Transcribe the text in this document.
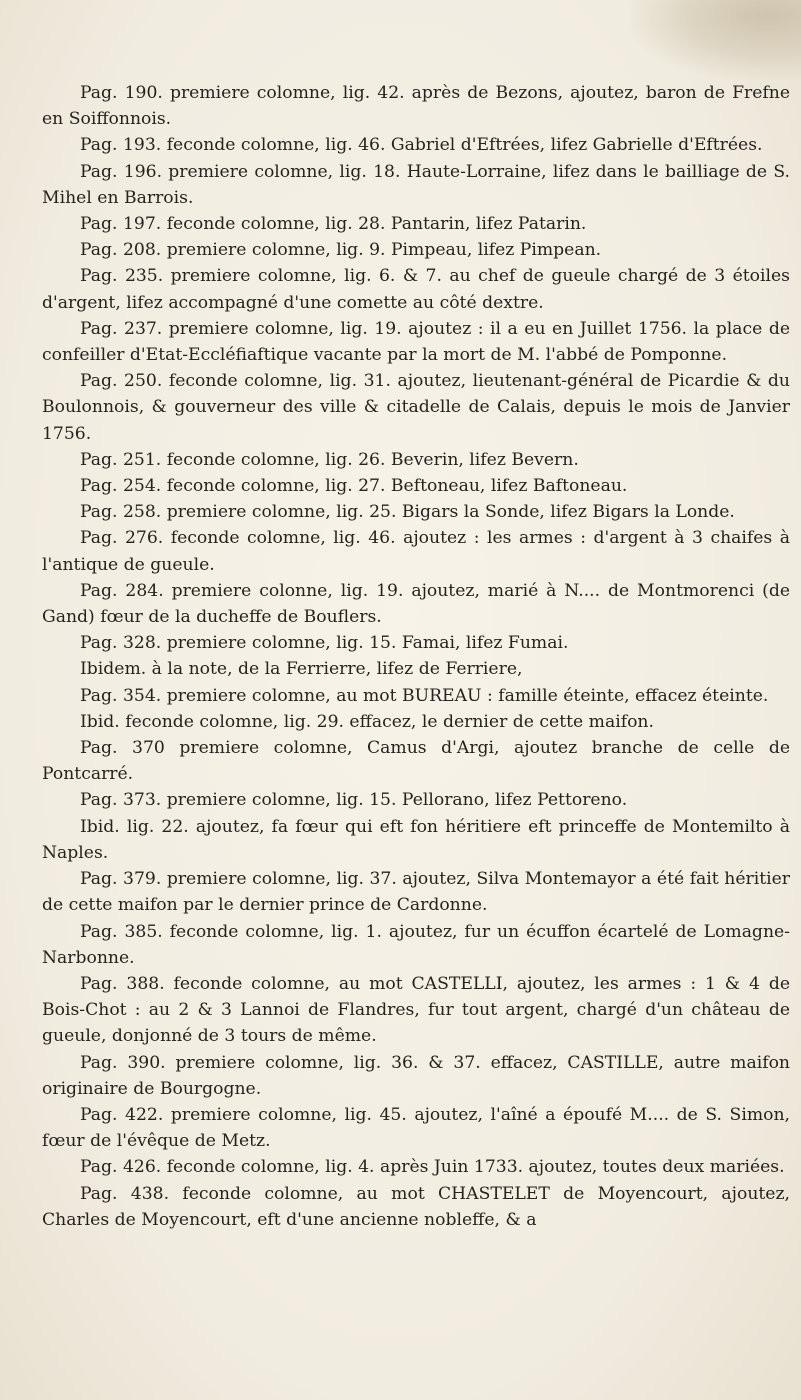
Pag. 190. premiere colomne, lig. 42. après de Bezons, ajoutez, baron de Frefne en Soiffonnois.

Pag. 193. feconde colomne, lig. 46. Gabriel d'Eftrées, lifez Gabrielle d'Eftrées.

Pag. 196. premiere colomne, lig. 18. Haute-Lorraine, lifez dans le bailliage de S. Mihel en Barrois.

Pag. 197. feconde colomne, lig. 28. Pantarin, lifez Patarin.

Pag. 208. premiere colomne, lig. 9. Pimpeau, lifez Pimpean.

Pag. 235. premiere colomne, lig. 6. & 7. au chef de gueule chargé de 3 étoiles d'argent, lifez accompagné d'une comette au côté dextre.

Pag. 237. premiere colomne, lig. 19. ajoutez : il a eu en Juillet 1756. la place de confeiller d'Etat-Eccléfiaftique vacante par la mort de M. l'abbé de Pomponne.

Pag. 250. feconde colomne, lig. 31. ajoutez, lieutenant-général de Picardie & du Boulonnois, & gouverneur des ville & citadelle de Calais, depuis le mois de Janvier 1756.

Pag. 251. feconde colomne, lig. 26. Beverin, lifez Bevern.

Pag. 254. feconde colomne, lig. 27. Beftoneau, lifez Baftoneau.

Pag. 258. premiere colomne, lig. 25. Bigars la Sonde, lifez Bigars la Londe.

Pag. 276. feconde colomne, lig. 46. ajoutez : les armes : d'argent à 3 chaifes à l'antique de gueule.

Pag. 284. premiere colonne, lig. 19. ajoutez, marié à N.... de Montmorenci (de Gand) fœur de la ducheffe de Bouflers.

Pag. 328. premiere colomne, lig. 15. Famai, lifez Fumai.

Ibidem. à la note, de la Ferrierre, lifez de Ferriere,

Pag. 354. premiere colomne, au mot BUREAU : famille éteinte, effacez éteinte.

Ibid. feconde colomne, lig. 29. effacez, le dernier de cette maifon.

Pag. 370 premiere colomne, Camus d'Argi, ajoutez branche de celle de Pontcarré.

Pag. 373. premiere colomne, lig. 15. Pellorano, lifez Pettoreno.

Ibid. lig. 22. ajoutez, fa fœur qui eft fon héritiere eft princeffe de Montemilto à Naples.

Pag. 379. premiere colomne, lig. 37. ajoutez, Silva Montemayor a été fait héritier de cette maifon par le dernier prince de Cardonne.

Pag. 385. feconde colomne, lig. 1. ajoutez, fur un écuffon écartelé de Lomagne-Narbonne.

Pag. 388. feconde colomne, au mot CASTELLI, ajoutez, les armes : 1 & 4 de Bois-Chot : au 2 & 3 Lannoi de Flandres, fur tout argent, chargé d'un château de gueule, donjonné de 3 tours de même.

Pag. 390. premiere colomne, lig. 36. & 37. effacez, CASTILLE, autre maifon originaire de Bourgogne.

Pag. 422. premiere colomne, lig. 45. ajoutez, l'aîné a époufé M.... de S. Simon, fœur de l'évêque de Metz.

Pag. 426. feconde colomne, lig. 4. après Juin 1733. ajoutez, toutes deux mariées.

Pag. 438. feconde colomne, au mot CHASTELET de Moyencourt, ajoutez, Charles de Moyencourt, eft d'une ancienne nobleffe, & a
